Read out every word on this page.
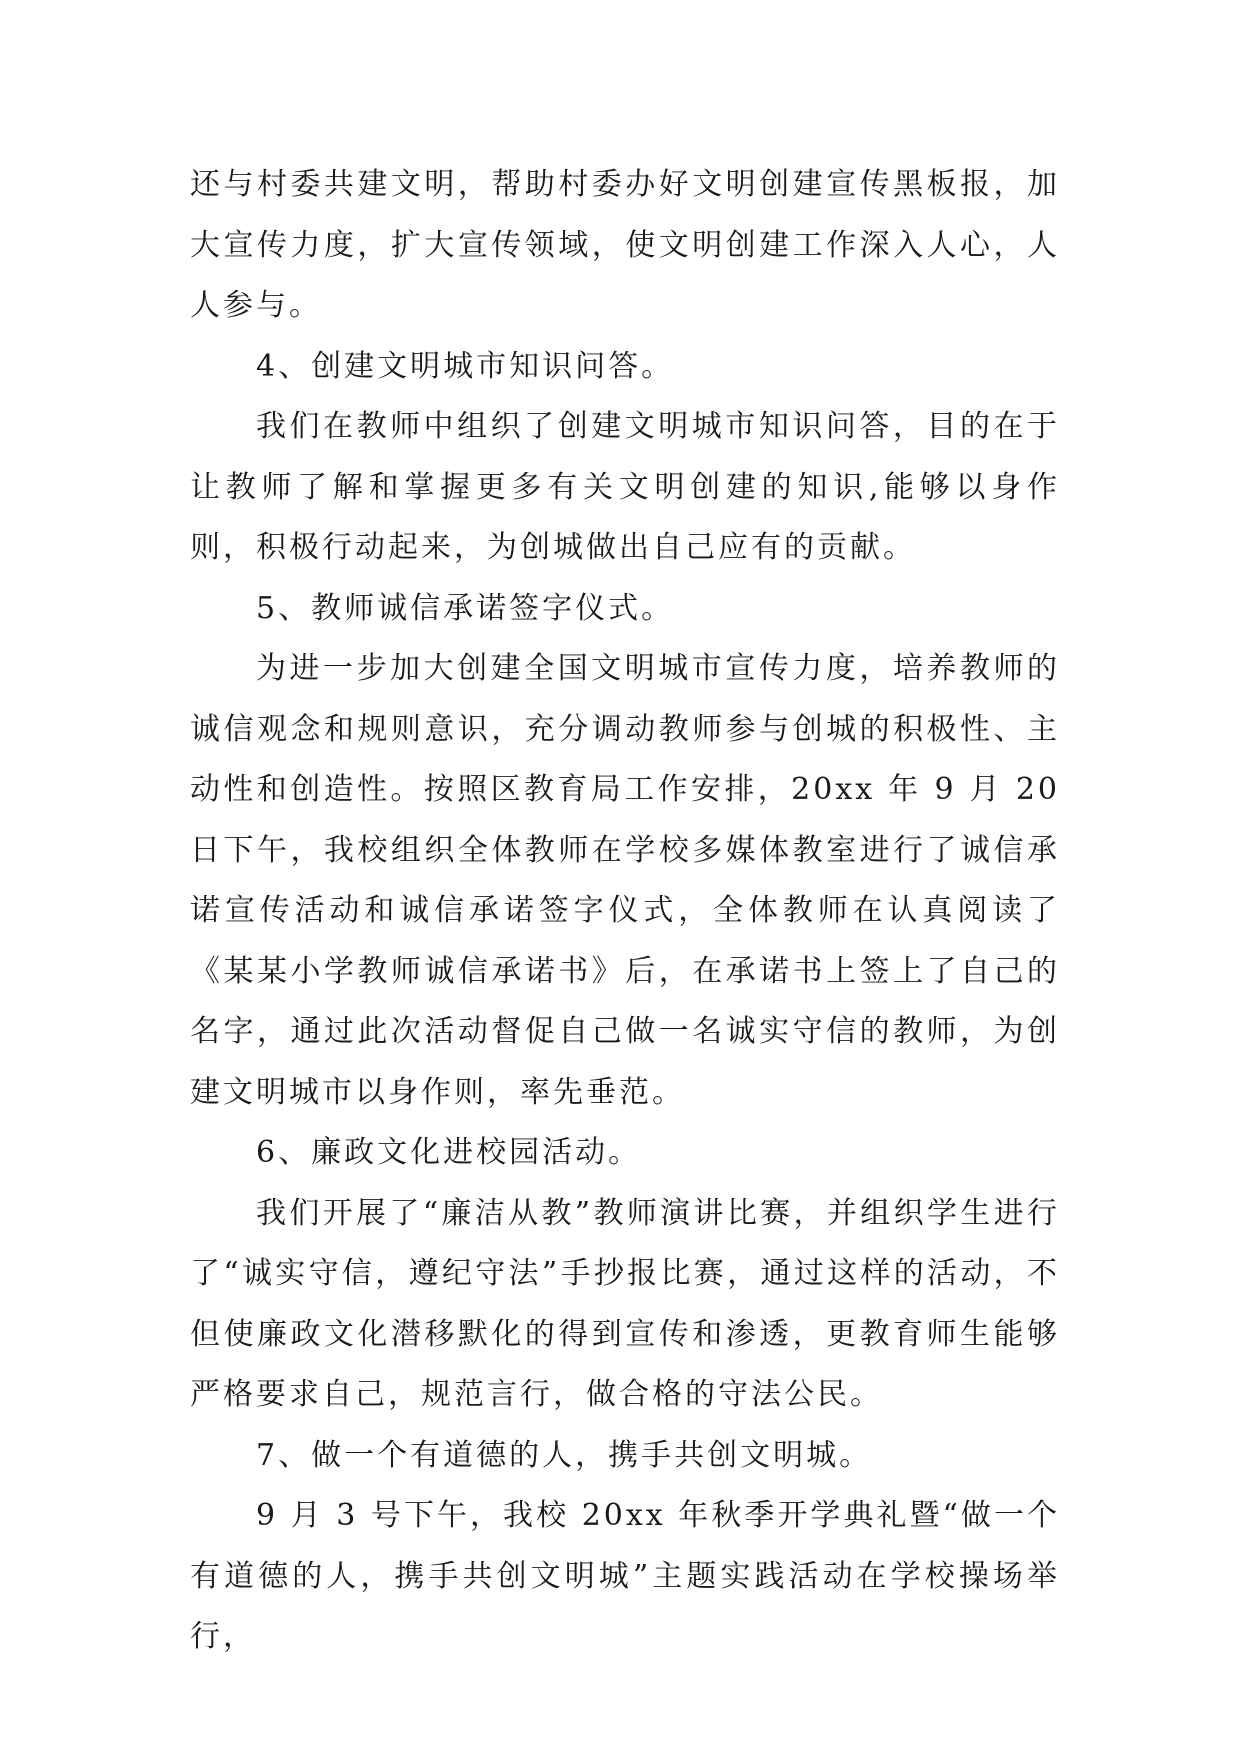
还与村委共建文明，帮助村委办好文明创建宣传黑板报，加大宣传力度，扩大宣传领域，使文明创建工作深入人心，人人参与。

4、创建文明城市知识问答。

我们在教师中组织了创建文明城市知识问答，目的在于让教师了解和掌握更多有关文明创建的知识,能够以身作则，积极行动起来，为创城做出自己应有的贡献。

5、教师诚信承诺签字仪式。

为进一步加大创建全国文明城市宣传力度，培养教师的诚信观念和规则意识，充分调动教师参与创城的积极性、主动性和创造性。按照区教育局工作安排，20xx 年 9 月 20 日下午，我校组织全体教师在学校多媒体教室进行了诚信承诺宣传活动和诚信承诺签字仪式，全体教师在认真阅读了《某某小学教师诚信承诺书》后，在承诺书上签上了自己的名字，通过此次活动督促自己做一名诚实守信的教师，为创建文明城市以身作则，率先垂范。

6、廉政文化进校园活动。

我们开展了“廉洁从教”教师演讲比赛，并组织学生进行了“诚实守信，遵纪守法”手抄报比赛，通过这样的活动，不但使廉政文化潜移默化的得到宣传和渗透，更教育师生能够严格要求自己，规范言行，做合格的守法公民。

7、做一个有道德的人，携手共创文明城。

9 月 3 号下午，我校 20xx 年秋季开学典礼暨“做一个有道德的人，携手共创文明城”主题实践活动在学校操场举行，
